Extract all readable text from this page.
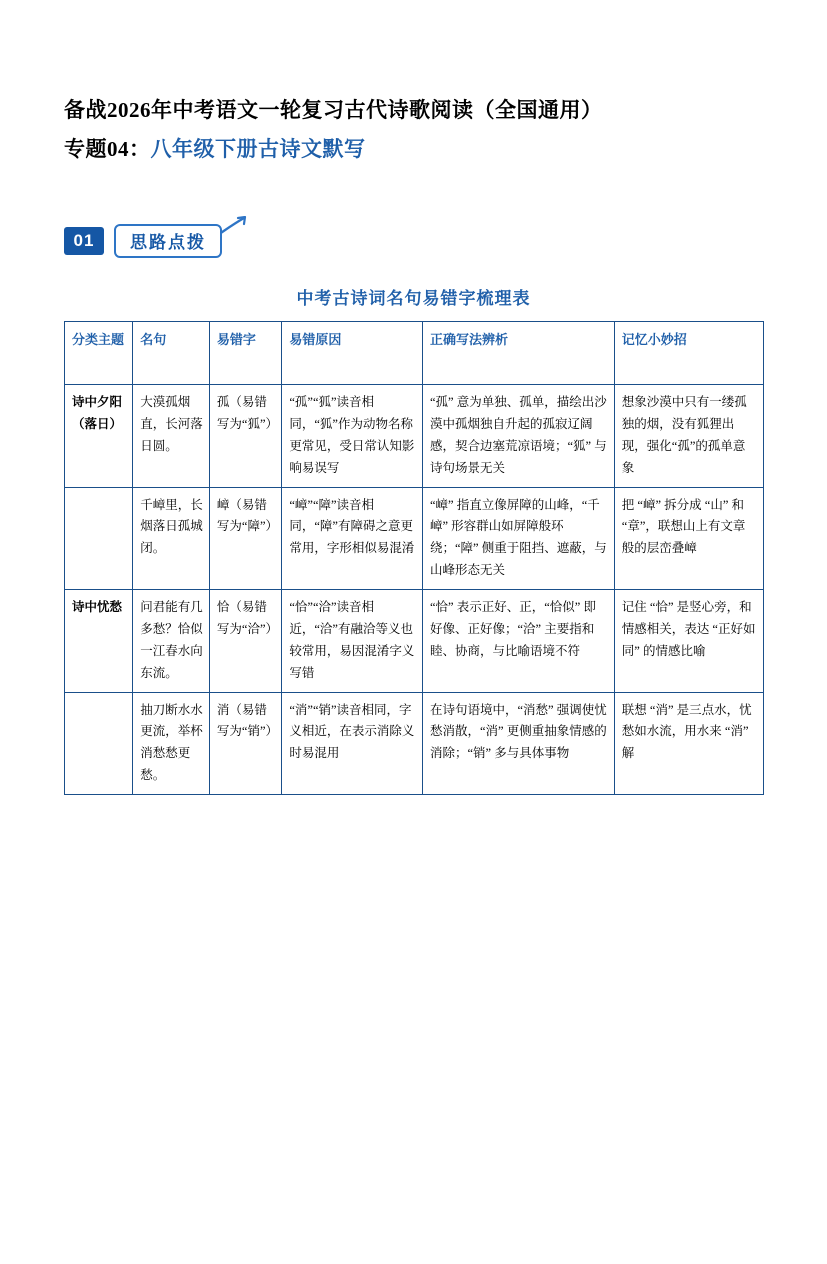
备战2026年中考语文一轮复习古代诗歌阅读（全国通用）
专题04：八年级下册古诗文默写
01	思路点拨
中考古诗词名句易错字梳理表
分类主题	名句	易错字	易错原因	正确写法辨析	记忆小妙招
诗中夕阳（落日）	大漠孤烟直，长河落日圆。	孤（易错写为“狐”）	“孤”“狐”读音相同，“狐”作为动物名称更常见，受日常认知影响易误写	“孤” 意为单独、孤单，描绘出沙漠中孤烟独自升起的孤寂辽阔感，契合边塞荒凉语境；“狐” 与诗句场景无关	想象沙漠中只有一缕孤独的烟，没有狐狸出现，强化“孤”的孤单意象
	千嶂里，长烟落日孤城闭。	嶂（易错写为“障”）	“嶂”“障”读音相同，“障”有障碍之意更常用，字形相似易混淆	“嶂” 指直立像屏障的山峰，“千嶂” 形容群山如屏障般环绕；“障” 侧重于阻挡、遮蔽，与山峰形态无关	把 “嶂” 拆分成 “山” 和 “章”，联想山上有文章般的层峦叠嶂
诗中忧愁	问君能有几多愁？恰似一江春水向东流。	恰（易错写为“洽”）	“恰”“洽”读音相近，“洽”有融洽等义也较常用，易因混淆字义写错	“恰” 表示正好、正，“恰似” 即好像、正好像；“洽” 主要指和睦、协商，与比喻语境不符	记住 “恰” 是竖心旁，和情感相关，表达 “正好如同” 的情感比喻
	抽刀断水水更流，举杯消愁愁更愁。	消（易错写为“销”）	“消”“销”读音相同，字义相近，在表示消除义时易混用	在诗句语境中，“消愁” 强调使忧愁消散，“消” 更侧重抽象情感的消除；“销” 多与具体事物	联想 “消” 是三点水，忧愁如水流，用水来 “消” 解
